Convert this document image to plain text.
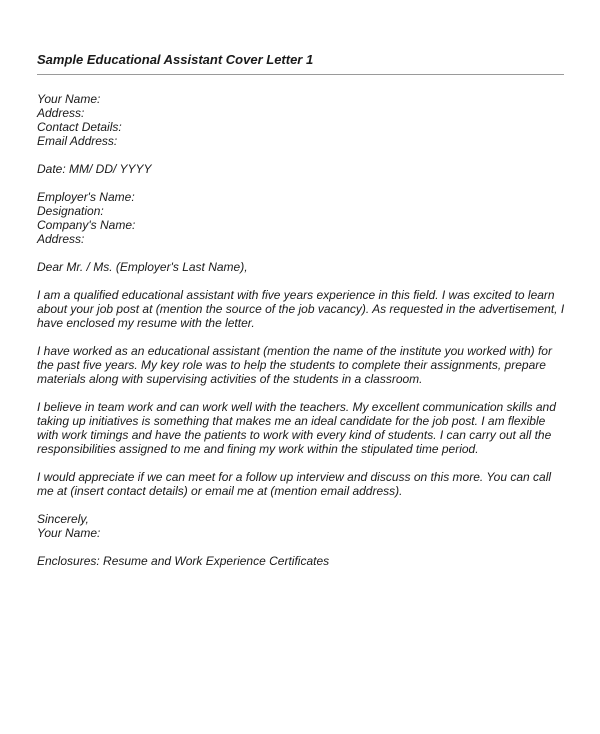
Sample Educational Assistant Cover Letter 1
Your Name:
Address:
Contact Details:
Email Address:
Date: MM/ DD/ YYYY
Employer's Name:
Designation:
Company's Name:
Address:
Dear Mr. / Ms. (Employer's Last Name),

I am a qualified educational assistant with five years experience in this field. I was excited to learn about your job post at (mention the source of the job vacancy). As requested in the advertisement, I have enclosed my resume with the letter.

I have worked as an educational assistant (mention the name of the institute you worked with) for the past five years. My key role was to help the students to complete their assignments, prepare materials along with supervising activities of the students in a classroom.

I believe in team work and can work well with the teachers. My excellent communication skills and taking up initiatives is something that makes me an ideal candidate for the job post. I am flexible with work timings and have the patients to work with every kind of students. I can carry out all the responsibilities assigned to me and fining my work within the stipulated time period.

I would appreciate if we can meet for a follow up interview and discuss on this more. You can call me at (insert contact details) or email me at (mention email address).

Sincerely,
Your Name:
Enclosures: Resume and Work Experience Certificates
